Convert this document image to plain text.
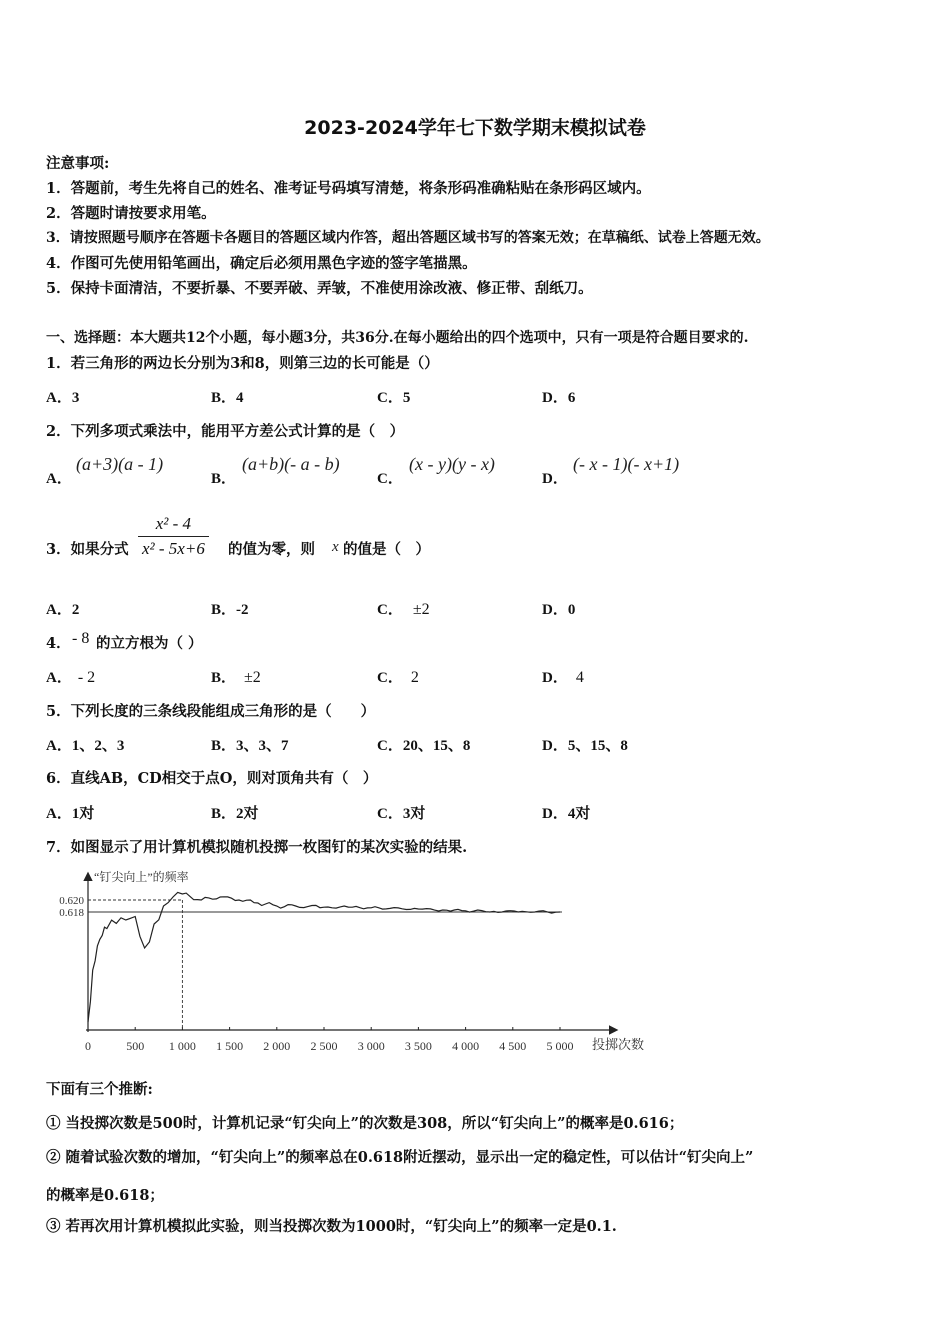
2023-2024学年七下数学期末模拟试卷
注意事项:
1．答题前，考生先将自己的姓名、准考证号码填写清楚，将条形码准确粘贴在条形码区域内。
2．答题时请按要求用笔。
3．请按照题号顺序在答题卡各题目的答题区域内作答，超出答题区域书写的答案无效；在草稿纸、试卷上答题无效。
4．作图可先使用铅笔画出，确定后必须用黑色字迹的签字笔描黑。
5．保持卡面清洁，不要折暴、不要弄破、弄皱，不准使用涂改液、修正带、刮纸刀。
一、选择题：本大题共12个小题，每小题3分，共36分.在每小题给出的四个选项中，只有一项是符合题目要求的.
1．若三角形的两边长分别为3和8，则第三边的长可能是（）
A．3	B．4	C．5	D．6
2．下列多项式乘法中，能用平方差公式计算的是（　）
A．
(a+3)(a - 1)
B．
(a+b)(- a - b)
C．
(x - y)(y - x)
D．
(- x - 1)(- x+1)
3．如果分式 $\frac{\text{x² - 4}}{\text{x² - 5x+6}}$ 的值为零，则 x 的值是（　）
A．2	B．-2	C． ±2	D．0
4． - 8 的立方根为（ ）
A． - 2	B． ±2	C． 2	D． 4
5．下列长度的三条线段能组成三角形的是（　　）
A．1、2、3	B．3、3、7	C．20、15、8	D．5、15、8
6．直线AB，CD相交于点O，则对顶角共有（　）
A．1对	B．2对	C．3对	D．4对
7．如图显示了用计算机模拟随机投掷一枚图钉的某次实验的结果.
“钉尖向上”的频率
投掷次数
0	500 1 000 1 500 2 000 2 500 3 000 3 500 4 000 4 500 5 000
0.618
0.620
下面有三个推断:
① 当投掷次数是500时，计算机记录“钉尖向上”的次数是308，所以“钉尖向上”的概率是0.616；
② 随着试验次数的增加，“钉尖向上”的频率总在0.618附近摆动，显示出一定的稳定性，可以估计“钉尖向上”
的概率是0.618；
③ 若再次用计算机模拟此实验，则当投掷次数为1000时，“钉尖向上”的频率一定是0.1.
